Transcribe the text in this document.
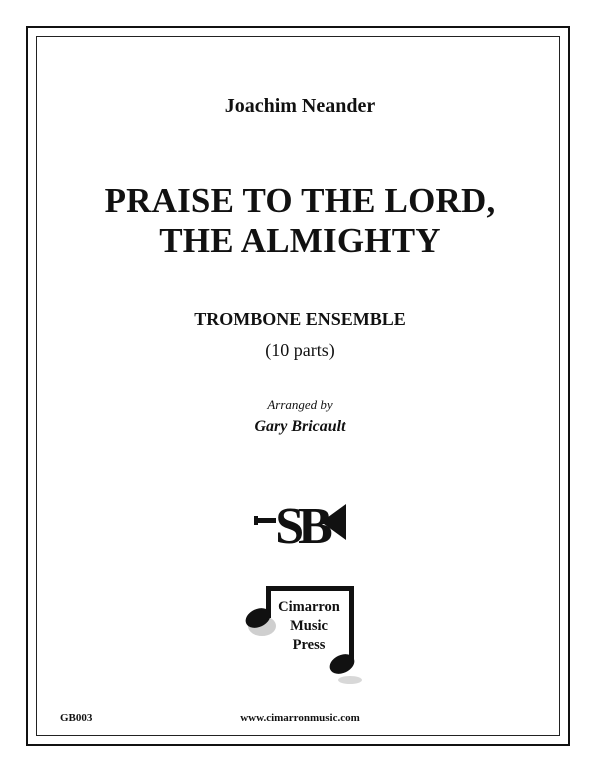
Joachim Neander
PRAISE TO THE LORD,
THE ALMIGHTY
TROMBONE ENSEMBLE
(10 parts)
Arranged by
Gary Bricault
SB
Cimarron
Music
Press
GB003	www.cimarronmusic.com
